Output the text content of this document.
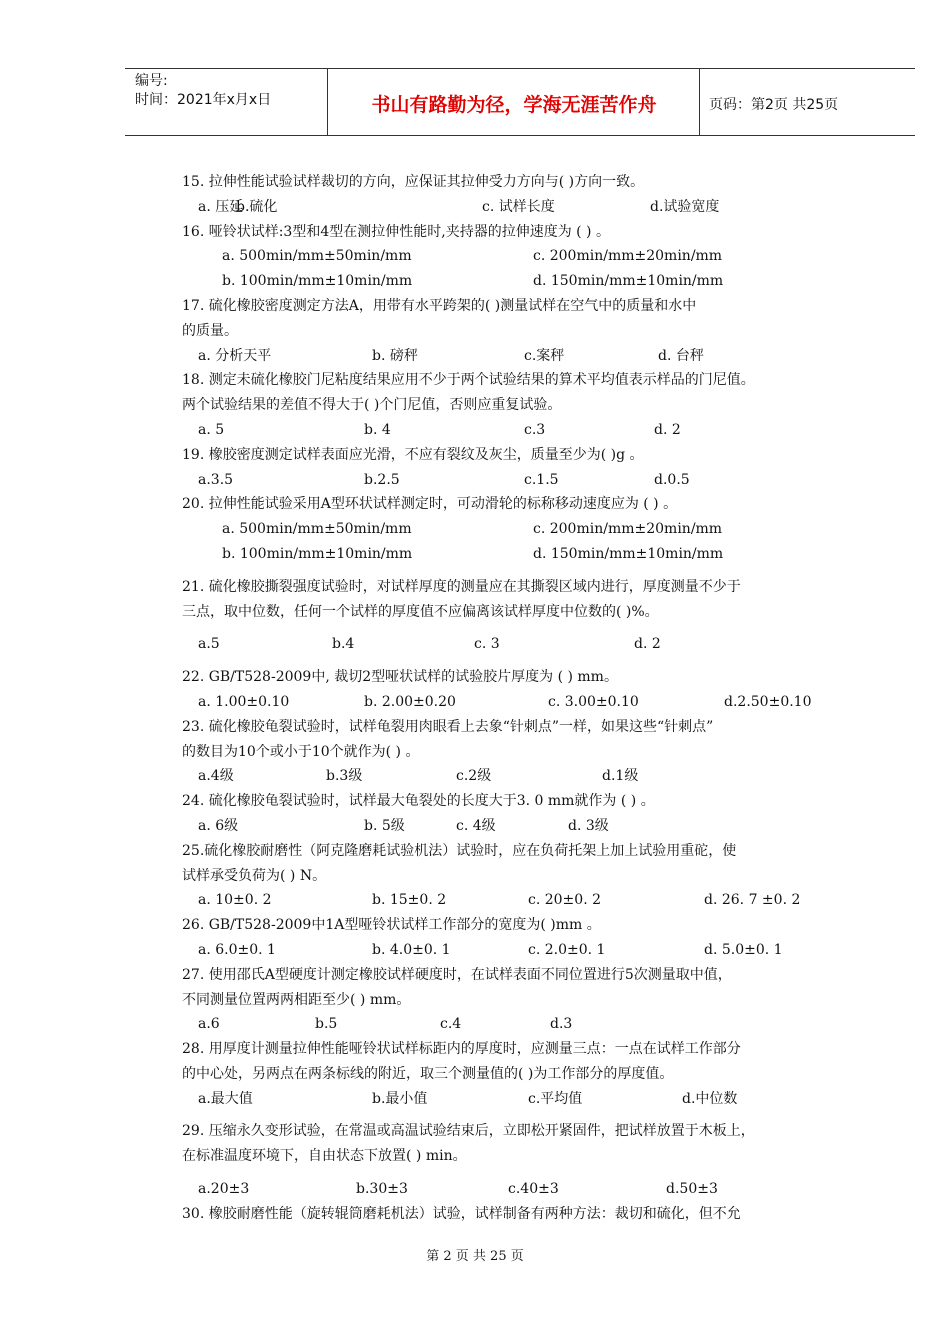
编号:
时间：2021年x月x日	书山有路勤为径，学海无涯苦作舟	页码：第2页 共25页
15. 拉伸性能试验试样裁切的方向，应保证其拉伸受力方向与( )方向一致。
a. 压延
b.硫化	c. 试样长度	d.试验宽度
16. 哑铃状试样:3型和4型在测拉伸性能时,夹持器的拉伸速度为 ( ) 。
a. 500min/mm±50min/mm	c. 200min/mm±20min/mm
b. 100min/mm±10min/mm	d. 150min/mm±10min/mm
17. 硫化橡胶密度测定方法A，用带有水平跨架的( )测量试样在空气中的质量和水中
的质量。
a. 分析天平	b. 磅秤	c.案秤	d. 台秤
18. 测定未硫化橡胶门尼粘度结果应用不少于两个试验结果的算术平均值表示样品的门尼值。
两个试验结果的差值不得大于( )个门尼值，否则应重复试验。
a. 5	b. 4	c.3	d. 2
19. 橡胶密度测定试样表面应光滑，不应有裂纹及灰尘，质量至少为( )g 。
a.3.5	b.2.5	c.1.5	d.0.5
20. 拉伸性能试验采用A型环状试样测定时，可动滑轮的标称移动速度应为 ( ) 。
a. 500min/mm±50min/mm	c. 200min/mm±20min/mm
b. 100min/mm±10min/mm	d. 150min/mm±10min/mm
21. 硫化橡胶撕裂强度试验时，对试样厚度的测量应在其撕裂区域内进行，厚度测量不少于
三点，取中位数，任何一个试样的厚度值不应偏离该试样厚度中位数的( )%。
a.5	b.4	c. 3	d. 2
22. GB/T528-2009中, 裁切2型哑状试样的试验胶片厚度为 ( ) mm。
a. 1.00±0.10	b. 2.00±0.20	c. 3.00±0.10	d.2.50±0.10
23. 硫化橡胶龟裂试验时，试样龟裂用肉眼看上去象“针刺点”一样，如果这些“针刺点”
的数目为10个或小于10个就作为( ) 。
a.4级	b.3级	c.2级	d.1级
24. 硫化橡胶龟裂试验时，试样最大龟裂处的长度大于3. 0 mm就作为 ( ) 。
a. 6级	b. 5级	c. 4级	d. 3级
25.硫化橡胶耐磨性（阿克隆磨耗试验机法）试验时，应在负荷托架上加上试验用重砣，使
试样承受负荷为( ) N。
a. 10±0. 2	b. 15±0. 2	c. 20±0. 2	d. 26. 7 ±0. 2
26. GB/T528-2009中1A型哑铃状试样工作部分的宽度为( )mm 。
a. 6.0±0. 1	b. 4.0±0. 1	c. 2.0±0. 1	d. 5.0±0. 1
27. 使用邵氏A型硬度计测定橡胶试样硬度时，在试样表面不同位置进行5次测量取中值，
不同测量位置两两相距至少( ) mm。
a.6	b.5	c.4	d.3
28. 用厚度计测量拉伸性能哑铃状试样标距内的厚度时，应测量三点：一点在试样工作部分
的中心处，另两点在两条标线的附近，取三个测量值的( )为工作部分的厚度值。
a.最大值	b.最小值	c.平均值	d.中位数
29. 压缩永久变形试验，在常温或高温试验结束后，立即松开紧固件，把试样放置于木板上，
在标准温度环境下，自由状态下放置( ) min。
a.20±3	b.30±3	c.40±3	d.50±3
30. 橡胶耐磨性能（旋转辊筒磨耗机法）试验，试样制备有两种方法：裁切和硫化，但不允
第 2 页 共 25 页
